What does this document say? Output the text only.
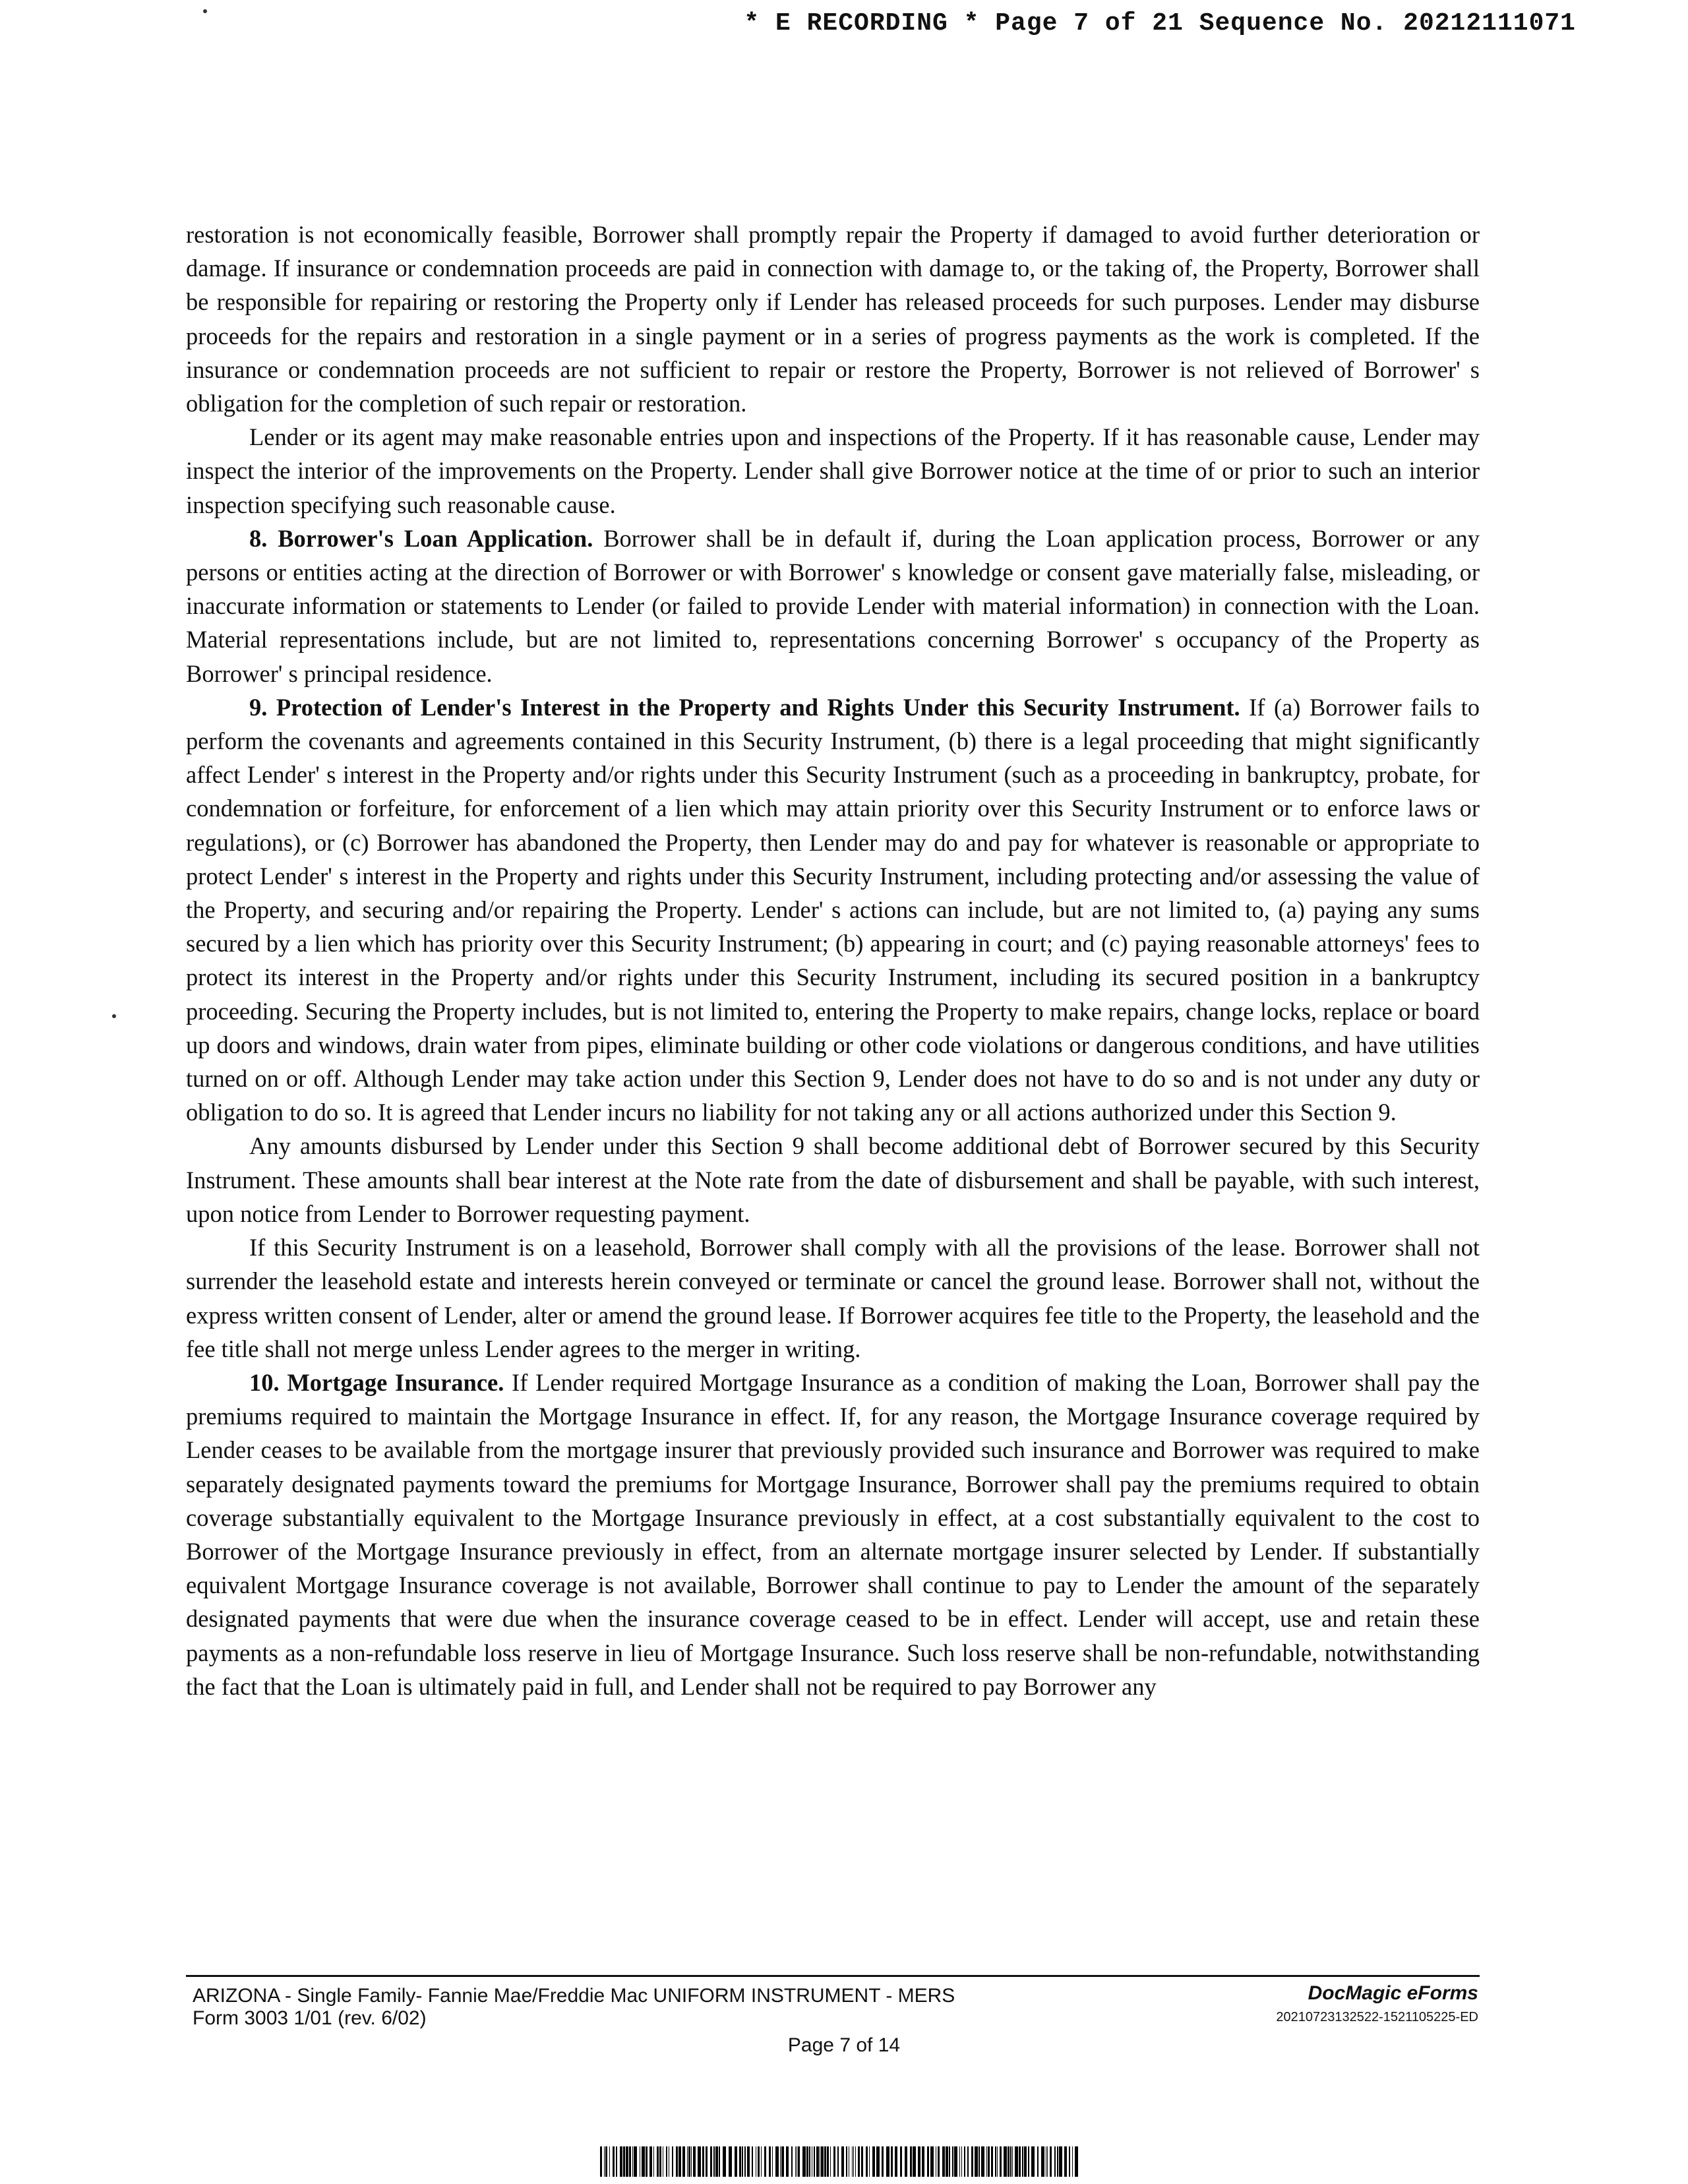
* E RECORDING * Page 7 of 21 Sequence No. 20212111071

restoration is not economically feasible, Borrower shall promptly repair the Property if damaged to avoid further deterioration or damage. If insurance or condemnation proceeds are paid in connection with damage to, or the taking of, the Property, Borrower shall be responsible for repairing or restoring the Property only if Lender has released proceeds for such purposes. Lender may disburse proceeds for the repairs and restoration in a single payment or in a series of progress payments as the work is completed. If the insurance or condemnation proceeds are not sufficient to repair or restore the Property, Borrower is not relieved of Borrower' s obligation for the completion of such repair or restoration.

Lender or its agent may make reasonable entries upon and inspections of the Property. If it has reasonable cause, Lender may inspect the interior of the improvements on the Property. Lender shall give Borrower notice at the time of or prior to such an interior inspection specifying such reasonable cause.

8. Borrower's Loan Application. Borrower shall be in default if, during the Loan application process, Borrower or any persons or entities acting at the direction of Borrower or with Borrower' s knowledge or consent gave materially false, misleading, or inaccurate information or statements to Lender (or failed to provide Lender with material information) in connection with the Loan. Material representations include, but are not limited to, representations concerning Borrower' s occupancy of the Property as Borrower' s principal residence.

9. Protection of Lender's Interest in the Property and Rights Under this Security Instrument. If (a) Borrower fails to perform the covenants and agreements contained in this Security Instrument, (b) there is a legal proceeding that might significantly affect Lender' s interest in the Property and/or rights under this Security Instrument (such as a proceeding in bankruptcy, probate, for condemnation or forfeiture, for enforcement of a lien which may attain priority over this Security Instrument or to enforce laws or regulations), or (c) Borrower has abandoned the Property, then Lender may do and pay for whatever is reasonable or appropriate to protect Lender' s interest in the Property and rights under this Security Instrument, including protecting and/or assessing the value of the Property, and securing and/or repairing the Property. Lender' s actions can include, but are not limited to, (a) paying any sums secured by a lien which has priority over this Security Instrument; (b) appearing in court; and (c) paying reasonable attorneys' fees to protect its interest in the Property and/or rights under this Security Instrument, including its secured position in a bankruptcy proceeding. Securing the Property includes, but is not limited to, entering the Property to make repairs, change locks, replace or board up doors and windows, drain water from pipes, eliminate building or other code violations or dangerous conditions, and have utilities turned on or off. Although Lender may take action under this Section 9, Lender does not have to do so and is not under any duty or obligation to do so. It is agreed that Lender incurs no liability for not taking any or all actions authorized under this Section 9.

Any amounts disbursed by Lender under this Section 9 shall become additional debt of Borrower secured by this Security Instrument. These amounts shall bear interest at the Note rate from the date of disbursement and shall be payable, with such interest, upon notice from Lender to Borrower requesting payment.

If this Security Instrument is on a leasehold, Borrower shall comply with all the provisions of the lease. Borrower shall not surrender the leasehold estate and interests herein conveyed or terminate or cancel the ground lease. Borrower shall not, without the express written consent of Lender, alter or amend the ground lease. If Borrower acquires fee title to the Property, the leasehold and the fee title shall not merge unless Lender agrees to the merger in writing.

10. Mortgage Insurance. If Lender required Mortgage Insurance as a condition of making the Loan, Borrower shall pay the premiums required to maintain the Mortgage Insurance in effect. If, for any reason, the Mortgage Insurance coverage required by Lender ceases to be available from the mortgage insurer that previously provided such insurance and Borrower was required to make separately designated payments toward the premiums for Mortgage Insurance, Borrower shall pay the premiums required to obtain coverage substantially equivalent to the Mortgage Insurance previously in effect, at a cost substantially equivalent to the cost to Borrower of the Mortgage Insurance previously in effect, from an alternate mortgage insurer selected by Lender. If substantially equivalent Mortgage Insurance coverage is not available, Borrower shall continue to pay to Lender the amount of the separately designated payments that were due when the insurance coverage ceased to be in effect. Lender will accept, use and retain these payments as a non-refundable loss reserve in lieu of Mortgage Insurance. Such loss reserve shall be non-refundable, notwithstanding the fact that the Loan is ultimately paid in full, and Lender shall not be required to pay Borrower any

ARIZONA - Single Family- Fannie Mae/Freddie Mac UNIFORM INSTRUMENT - MERS
Form 3003 1/01 (rev. 6/02)
Page 7 of 14
DocMagic eForms
20210723132522-1521105225-ED
